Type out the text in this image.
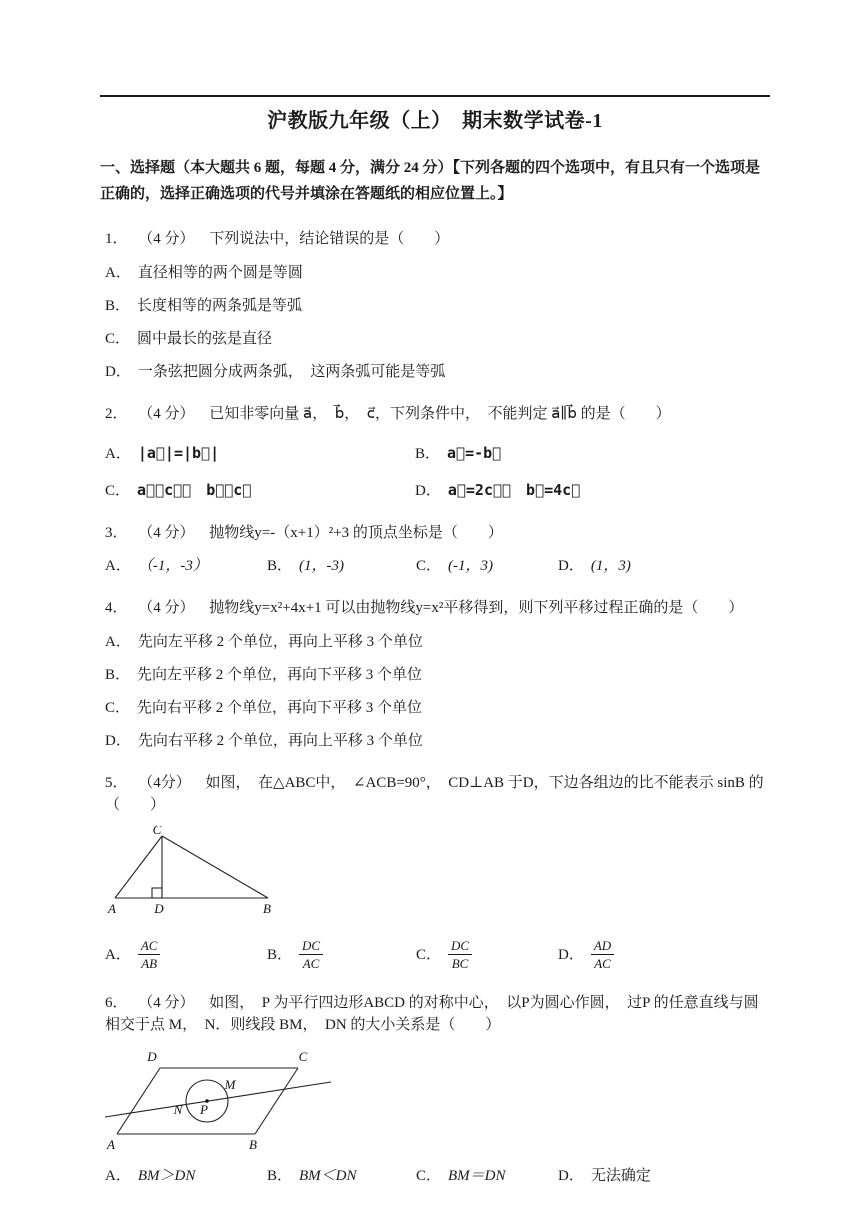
沪教版九年级（上）　期末数学试卷-1

一、选择题（本大题共 6 题，每题 4 分，满分 24 分）【下列各题的四个选项中，有且只有一个选项是正确的，选择正确选项的代号并填涂在答题纸的相应位置上。】

1． （4 分） 下列说法中，结论错误的是（　　）

A． 直径相等的两个圆是等圆

B． 长度相等的两条弧是等弧

C． 圆中最长的弦是直径

D． 一条弦把圆分成两条弧，　这两条弧可能是等弧

2． （4 分） 已知非零向量 a⃗，　b⃗，　c⃗，下列条件中，　不能判定 a⃗∥b⃗ 的是（　　）

A． |a⃗|=|b⃗|	B． a⃗=-b⃗

C． a⃗∥c⃗，　b⃗∥c⃗	D． a⃗=2c⃗，　b⃗=4c⃗

3． （4 分） 抛物线y=-（x+1）²+3 的顶点坐标是（　　）

A． （-1，-3）	B． (1，-3)	C． (-1，3)	D． (1，3)

4． （4 分） 抛物线y=x²+4x+1 可以由抛物线y=x²平移得到，则下列平移过程正确的是（　　）

A． 先向左平移 2 个单位，再向上平移 3 个单位

B． 先向左平移 2 个单位，再向下平移 3 个单位

C． 先向右平移 2 个单位，再向下平移 3 个单位

D． 先向右平移 2 个单位，再向上平移 3 个单位

5． （4分） 如图，　在△ABC中，　∠ACB=90°，　CD⊥AB 于D，下边各组边的比不能表示 sinB 的（　　）

C
A	D	B

A． $\frac{AC}{AB}$	B． $\frac{DC}{AC}$	C． $\frac{DC}{BC}$	D． $\frac{AD}{AC}$

6． （4 分） 如图，　P 为平行四边形ABCD 的对称中心，　以P为圆心作圆，　过P 的任意直线与圆相交于点 M，　N．则线段 BM，　DN 的大小关系是（　　）

D	C
A	B
M
N P

A． BM＞DN	B． BM＜DN	C． BM＝DN	D． 无法确定
